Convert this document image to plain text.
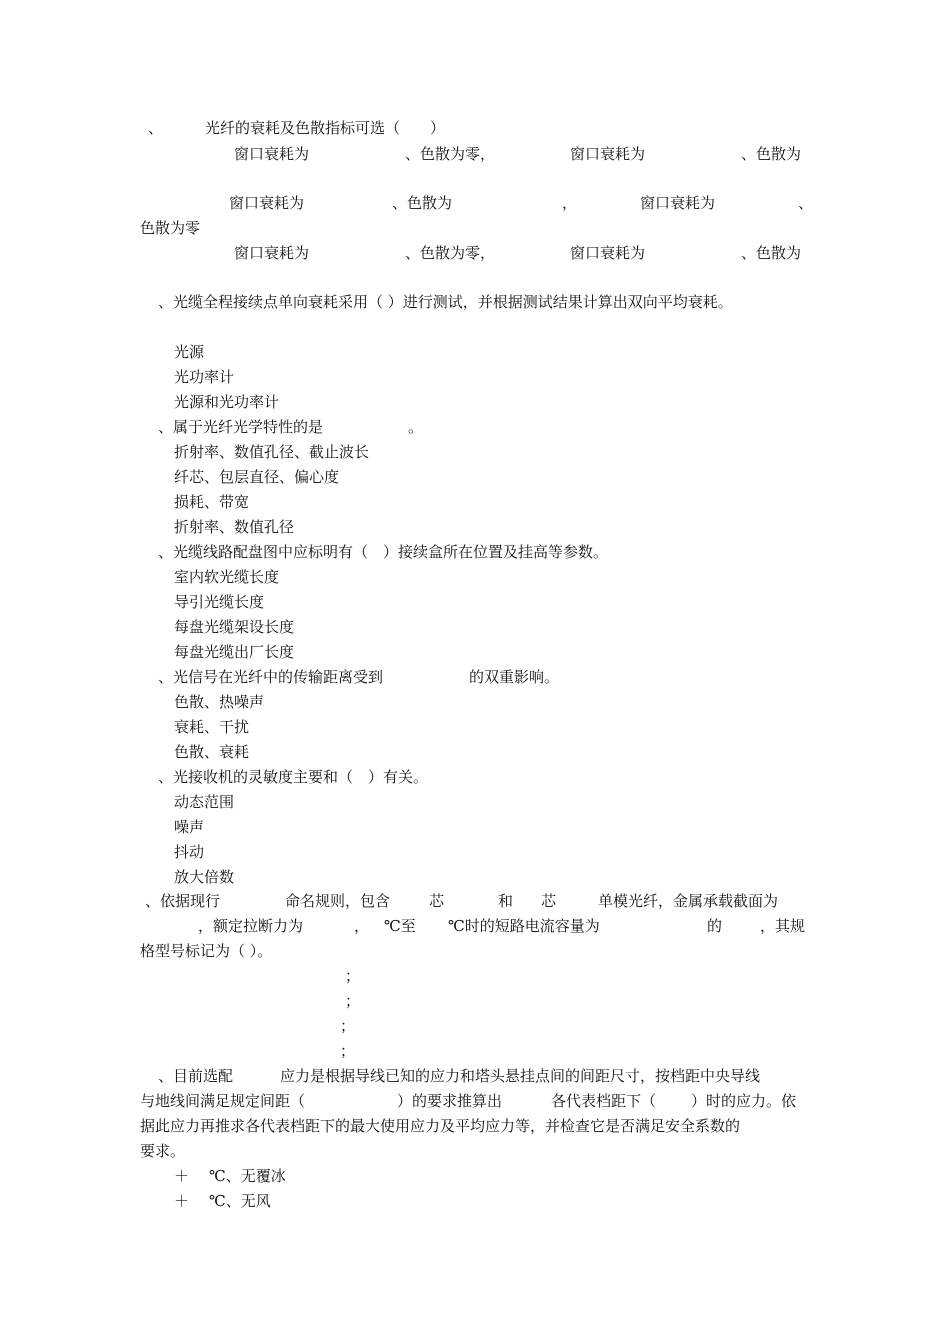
、	光纤的衰耗及色散指标可选（　　）
窗口衰耗为	、色散为零，	窗口衰耗为	、色散为
窗口衰耗为	、色散为	，	窗口衰耗为	、
色散为零
窗口衰耗为	、色散为零，	窗口衰耗为	、色散为
、光缆全程接续点单向衰耗采用（ ）进行测试，并根据测试结果计算出双向平均衰耗。
光源
光功率计
光源和光功率计
、属于光纤光学特性的是	。
折射率、数值孔径、截止波长
纤芯、包层直径、偏心度
损耗、带宽
折射率、数值孔径
、光缆线路配盘图中应标明有（　）接续盒所在位置及挂高等参数。
室内软光缆长度
导引光缆长度
每盘光缆架设长度
每盘光缆出厂长度
、光信号在光纤中的传输距离受到	的双重影响。
色散、热噪声
衰耗、干扰
色散、衰耗
、光接收机的灵敏度主要和（　）有关。
动态范围
噪声
抖动
放大倍数
、依据现行	命名规则，包含	芯	和 芯	单模光纤，金属承载截面为
，额定拉断力为	， ℃至 ℃时的短路电流容量为	的	，其规
格型号标记为（ ）。
；
；
；
；
、目前选配	应力是根据导线已知的应力和塔头悬挂点间的间距尺寸，按档距中央导线
与地线间满足规定间距（	）的要求推算出	各代表档距下（ ）时的应力。依
据此应力再推求各代表档距下的最大使用应力及平均应力等，并检查它是否满足安全系数的
要求。
＋ ℃、无覆冰
＋ ℃、无风
